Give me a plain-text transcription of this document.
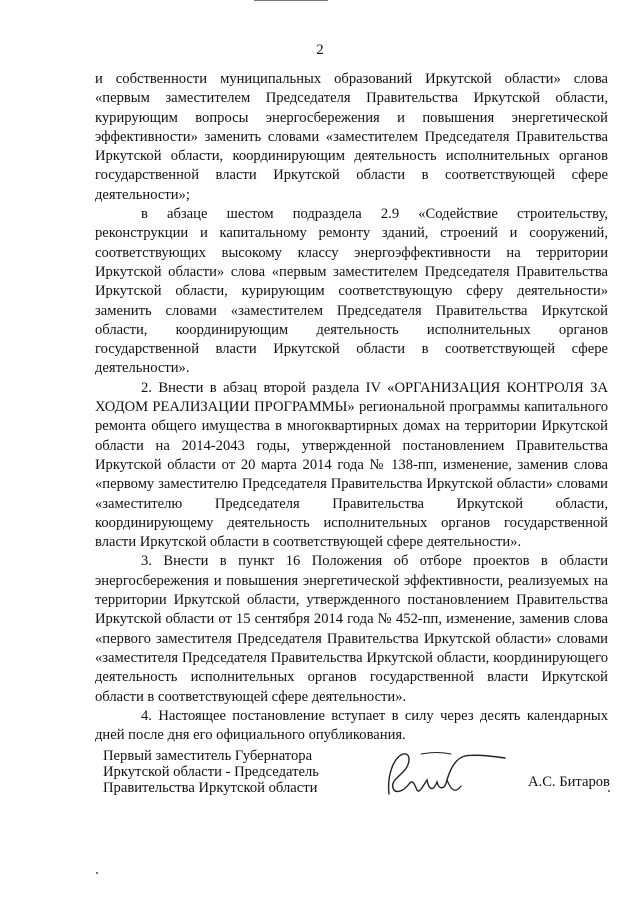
2

и собственности муниципальных образований Иркутской области» слова «первым заместителем Председателя Правительства Иркутской области, курирующим вопросы энергосбережения и повышения энергетической эффективности» заменить словами «заместителем Председателя Правительства Иркутской области, координирующим деятельность исполнительных органов государственной власти Иркутской области в соответствующей сфере деятельности»;

в абзаце шестом подраздела 2.9 «Содействие строительству, реконструкции и капитальному ремонту зданий, строений и сооружений, соответствующих высокому классу энергоэффективности на территории Иркутской области» слова «первым заместителем Председателя Правительства Иркутской области, курирующим соответствующую сферу деятельности» заменить словами «заместителем Председателя Правительства Иркутской области, координирующим деятельность исполнительных органов государственной власти Иркутской области в соответствующей сфере деятельности».

2. Внести в абзац второй раздела IV «ОРГАНИЗАЦИЯ КОНТРОЛЯ ЗА ХОДОМ РЕАЛИЗАЦИИ ПРОГРАММЫ» региональной программы капитального ремонта общего имущества в многоквартирных домах на территории Иркутской области на 2014-2043 годы, утвержденной постановлением Правительства Иркутской области от 20 марта 2014 года № 138-пп, изменение, заменив слова «первому заместителю Председателя Правительства Иркутской области» словами «заместителю Председателя Правительства Иркутской области, координирующему деятельность исполнительных органов государственной власти Иркутской области в соответствующей сфере деятельности».

3. Внести в пункт 16 Положения об отборе проектов в области энергосбережения и повышения энергетической эффективности, реализуемых на территории Иркутской области, утвержденного постановлением Правительства Иркутской области от 15 сентября 2014 года № 452-пп, изменение, заменив слова «первого заместителя Председателя Правительства Иркутской области» словами «заместителя Председателя Правительства Иркутской области, координирующего деятельность исполнительных органов государственной власти Иркутской области в соответствующей сфере деятельности».

4. Настоящее постановление вступает в силу через десять календарных дней после дня его официального опубликования.

Первый заместитель Губернатора
Иркутской области - Председатель
Правительства Иркутской области	А.С. Битаров
